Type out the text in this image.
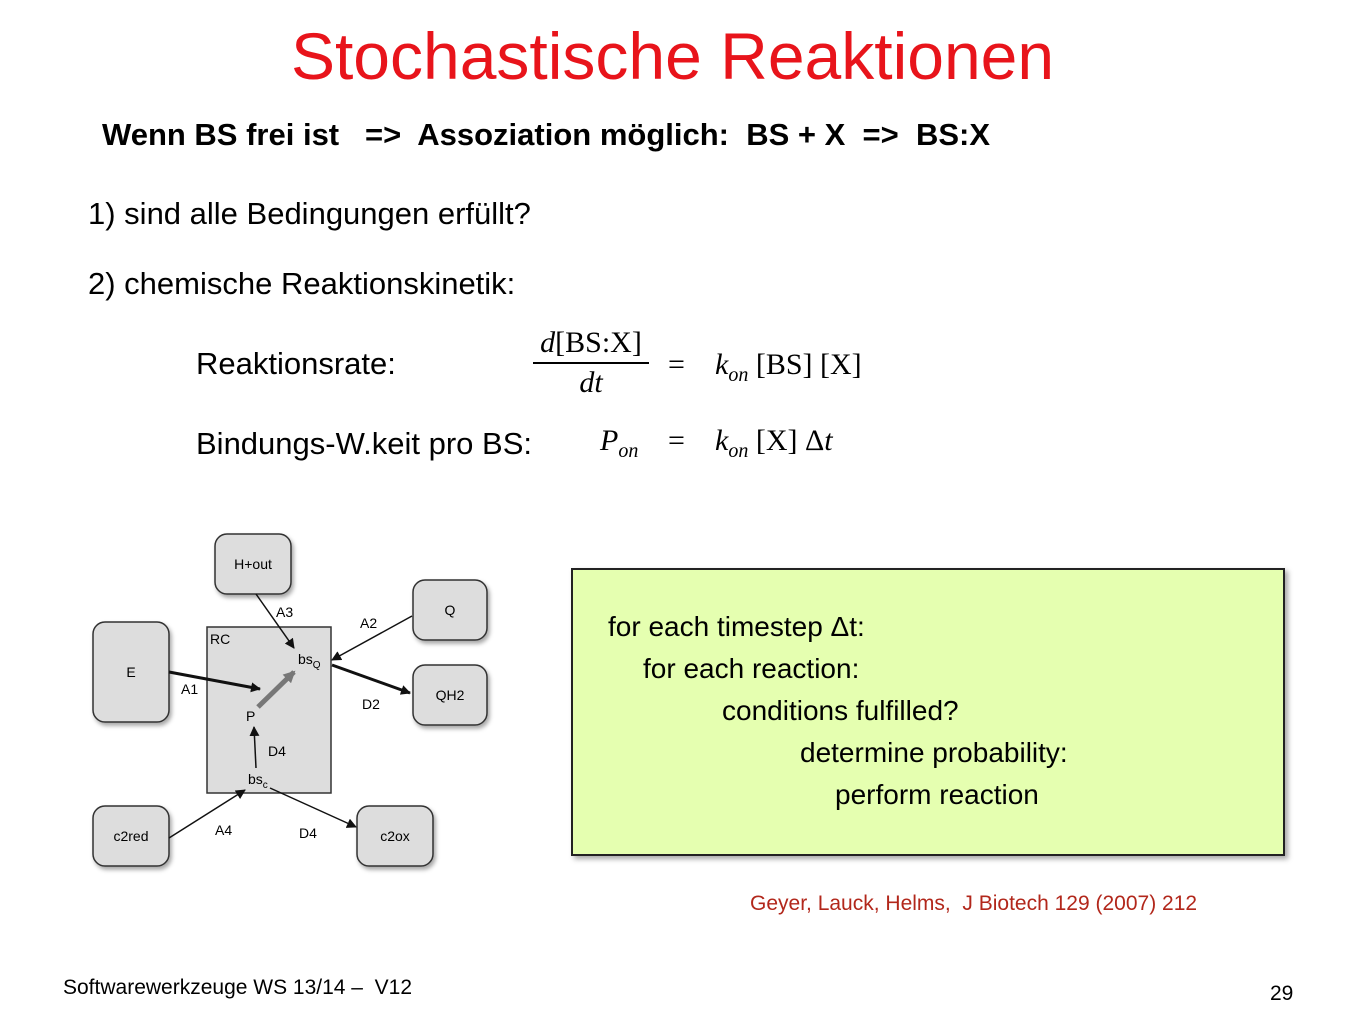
Stochastische Reaktionen
Wenn BS frei ist   =>  Assoziation möglich:  BS + X  =>  BS:X
1) sind alle Bedingungen erfüllt?
2) chemische Reaktionskinetik:
Reaktionsrate:	$\frac{d[BS:X]}{dt} = k_{on}$ [BS] [X]
Bindungs-W.keit pro BS: $P_{on} = k_{on}$ [X] Δt
RC
$bs_Q$
P
$bs_c$
H+out
Q
E
QH2
c2red	c2ox
A3
A2
A1
D2
D4
A4	D4
for each timestep Δt:
for each reaction:
conditions fulfilled?
determine probability:
perform reaction
Geyer, Lauck, Helms,  J Biotech 129 (2007) 212
Softwarewerkzeuge WS 13/14 –  V12	29
